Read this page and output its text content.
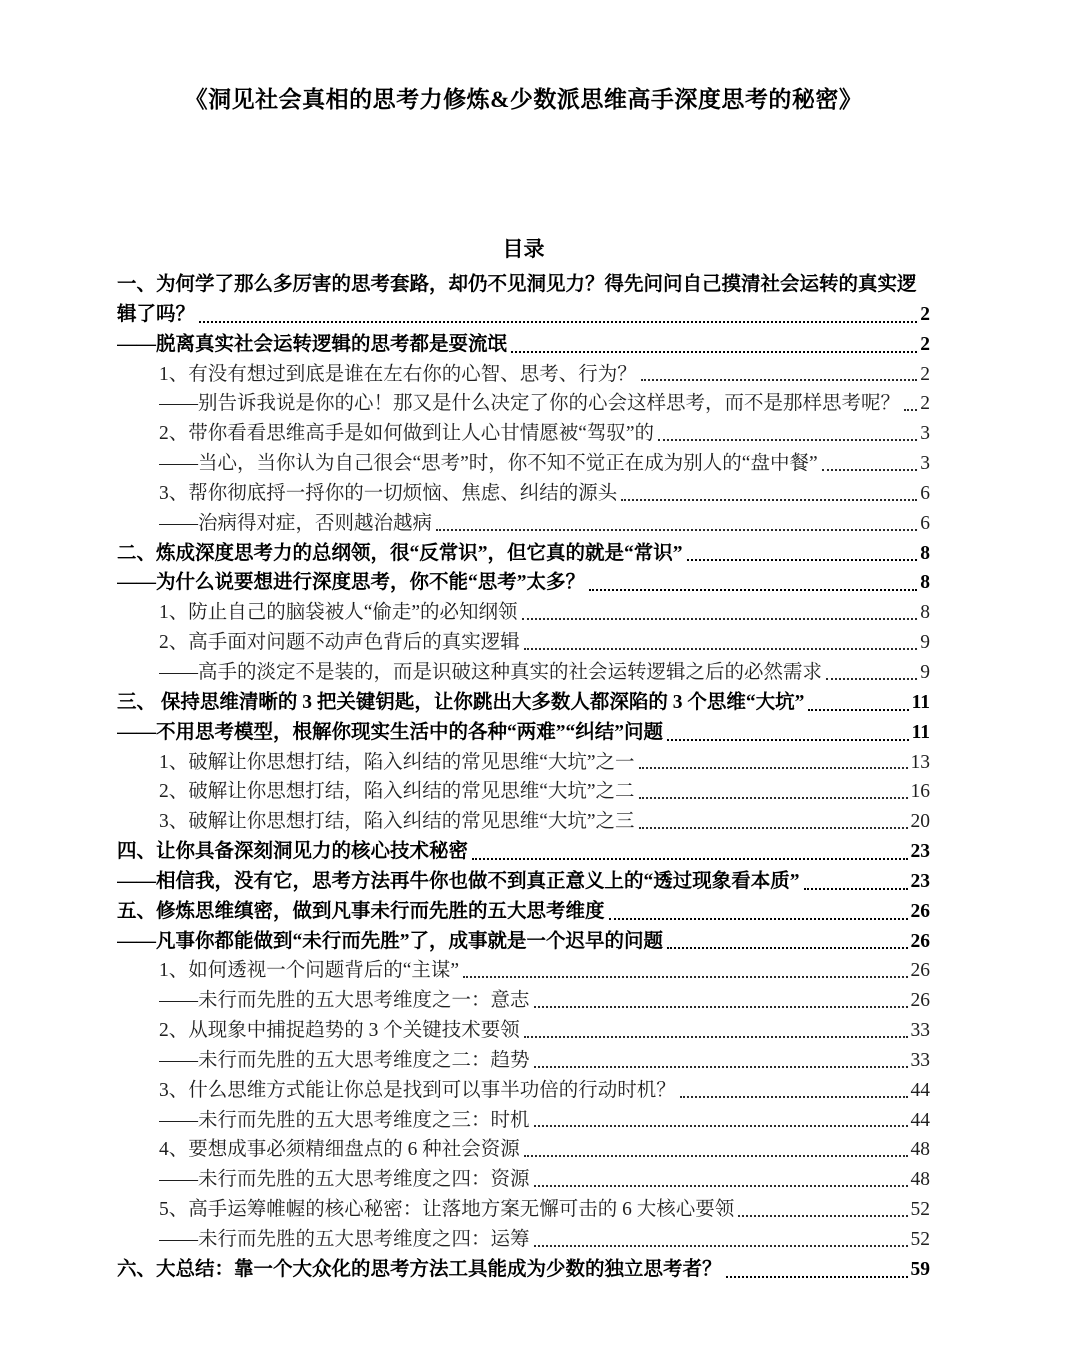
《洞见社会真相的思考力修炼&少数派思维高手深度思考的秘密》
目录
一、为何学了那么多厉害的思考套路，却仍不见洞见力？得先问问自己摸清社会运转的真实逻
辑了吗？	2
——脱离真实社会运转逻辑的思考都是耍流氓	2
1、有没有想过到底是谁在左右你的心智、思考、行为？	2
——别告诉我说是你的心！那又是什么决定了你的心会这样思考，而不是那样思考呢？ 2
2、带你看看思维高手是如何做到让人心甘情愿被“驾驭”的	3
——当心，当你认为自己很会“思考”时，你不知不觉正在成为别人的“盘中餐”	3
3、帮你彻底捋一捋你的一切烦恼、焦虑、纠结的源头	6
——治病得对症，否则越治越病	6
二、炼成深度思考力的总纲领，很“反常识”，但它真的就是“常识”	8
——为什么说要想进行深度思考，你不能“思考”太多？	8
1、防止自己的脑袋被人“偷走”的必知纲领	8
2、高手面对问题不动声色背后的真实逻辑	9
——高手的淡定不是装的，而是识破这种真实的社会运转逻辑之后的必然需求	9
三、 保持思维清晰的 3 把关键钥匙，让你跳出大多数人都深陷的 3 个思维“大坑”	11
——不用思考模型，根解你现实生活中的各种“两难”“纠结”问题	11
1、破解让你思想打结，陷入纠结的常见思维“大坑”之一	13
2、破解让你思想打结，陷入纠结的常见思维“大坑”之二	16
3、破解让你思想打结，陷入纠结的常见思维“大坑”之三	20
四、让你具备深刻洞见力的核心技术秘密	23
——相信我，没有它，思考方法再牛你也做不到真正意义上的“透过现象看本质”	23
五、修炼思维缜密，做到凡事未行而先胜的五大思考维度	26
——凡事你都能做到“未行而先胜”了，成事就是一个迟早的问题	26
1、如何透视一个问题背后的“主谋”	26
——未行而先胜的五大思考维度之一：意志	26
2、从现象中捕捉趋势的 3 个关键技术要领	33
——未行而先胜的五大思考维度之二：趋势	33
3、什么思维方式能让你总是找到可以事半功倍的行动时机？	44
——未行而先胜的五大思考维度之三：时机	44
4、要想成事必须精细盘点的 6 种社会资源	48
——未行而先胜的五大思考维度之四：资源	48
5、高手运筹帷幄的核心秘密：让落地方案无懈可击的 6 大核心要领	52
——未行而先胜的五大思考维度之四：运筹	52
六、大总结：靠一个大众化的思考方法工具能成为少数的独立思考者？	59
